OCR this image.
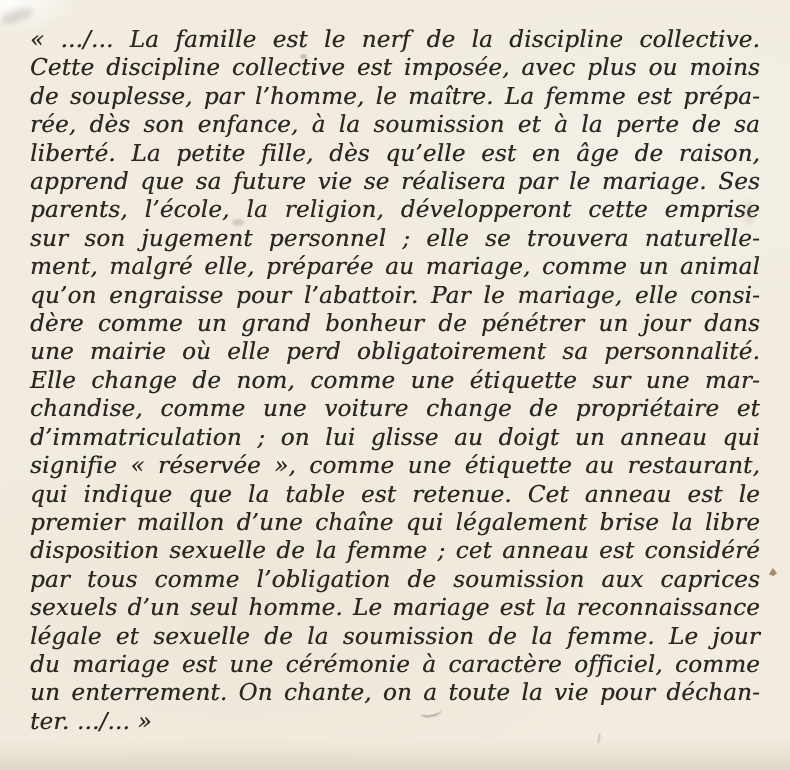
« .../... La famille est le nerf de la discipline collective.
Cette discipline collective est imposée, avec plus ou moins
de souplesse, par l’homme, le maître. La femme est prépa-
rée, dès son enfance, à la soumission et à la perte de sa
liberté. La petite fille, dès qu’elle est en âge de raison,
apprend que sa future vie se réalisera par le mariage. Ses
parents, l’école, la religion, développeront cette emprise
sur son jugement personnel ; elle se trouvera naturelle-
ment, malgré elle, préparée au mariage, comme un animal
qu’on engraisse pour l’abattoir. Par le mariage, elle consi-
dère comme un grand bonheur de pénétrer un jour dans
une mairie où elle perd obligatoirement sa personnalité.
Elle change de nom, comme une étiquette sur une mar-
chandise, comme une voiture change de propriétaire et
d’immatriculation ; on lui glisse au doigt un anneau qui
signifie « réservée », comme une étiquette au restaurant,
qui indique que la table est retenue. Cet anneau est le
premier maillon d’une chaîne qui légalement brise la libre
disposition sexuelle de la femme ; cet anneau est considéré
par tous comme l’obligation de soumission aux caprices
sexuels d’un seul homme. Le mariage est la reconnaissance
légale et sexuelle de la soumission de la femme. Le jour
du mariage est une cérémonie à caractère officiel, comme
un enterrement. On chante, on a toute la vie pour déchan-
ter. .../... »
